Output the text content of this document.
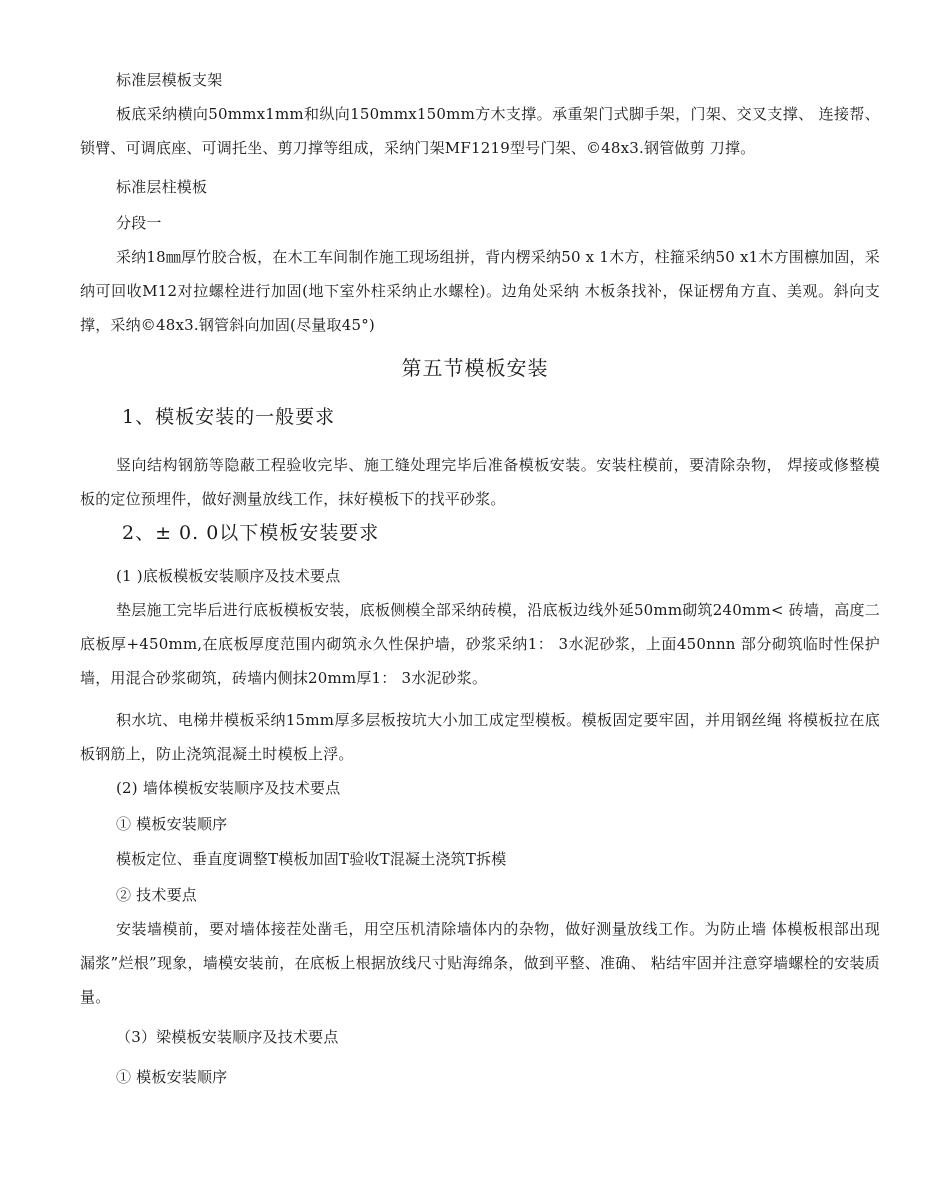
标准层模板支架
板底采纳横向50mmx1mm和纵向150mmx150mm方木支撑。承重架门式脚手架，门架、交叉支撑、 连接帮、锁臂、可调底座、可调托坐、剪刀撑等组成，采纳门架MF1219型号门架、©48x3.钢管做剪 刀撑。
标准层柱模板
分段一
采纳18㎜厚竹胶合板，在木工车间制作施工现场组拼，背内楞采纳50 x 1木方，柱箍采纳50 x1木方围檩加固，采纳可回收M12对拉螺栓进行加固(地下室外柱采纳止水螺栓)。边角处采纳 木板条找补，保证楞角方直、美观。斜向支撑，采纳©48x3.钢管斜向加固(尽量取45°)
第五节模板安装
1、模板安装的一般要求
竖向结构钢筋等隐蔽工程验收完毕、施工缝处理完毕后准备模板安装。安装柱模前，要清除杂物， 焊接或修整模板的定位预埋件，做好测量放线工作，抹好模板下的找平砂浆。
2、± 0. 0以下模板安装要求
(1 )底板模板安装顺序及技术要点
垫层施工完毕后进行底板模板安装，底板侧模全部采纳砖模，沿底板边线外延50mm砌筑240mm< 砖墙，高度二底板厚+450mm,在底板厚度范围内砌筑永久性保护墙，砂浆采纳1： 3水泥砂浆，上面450nnn 部分砌筑临时性保护墙，用混合砂浆砌筑，砖墙内侧抹20mm厚1： 3水泥砂浆。
积水坑、电梯井模板采纳15mm厚多层板按坑大小加工成定型模板。模板固定要牢固，并用钢丝绳 将模板拉在底板钢筋上，防止浇筑混凝土时模板上浮。
(2) 墙体模板安装顺序及技术要点
① 模板安装顺序
模板定位、垂直度调整T模板加固T验收T混凝土浇筑T拆模
② 技术要点
安装墙模前，要对墙体接茬处凿毛，用空压机清除墙体内的杂物，做好测量放线工作。为防止墙 体模板根部出现漏浆”烂根”现象，墙模安装前，在底板上根据放线尺寸贴海绵条，做到平整、准确、 粘结牢固并注意穿墙螺栓的安装质量。
（3）梁模板安装顺序及技术要点
① 模板安装顺序
